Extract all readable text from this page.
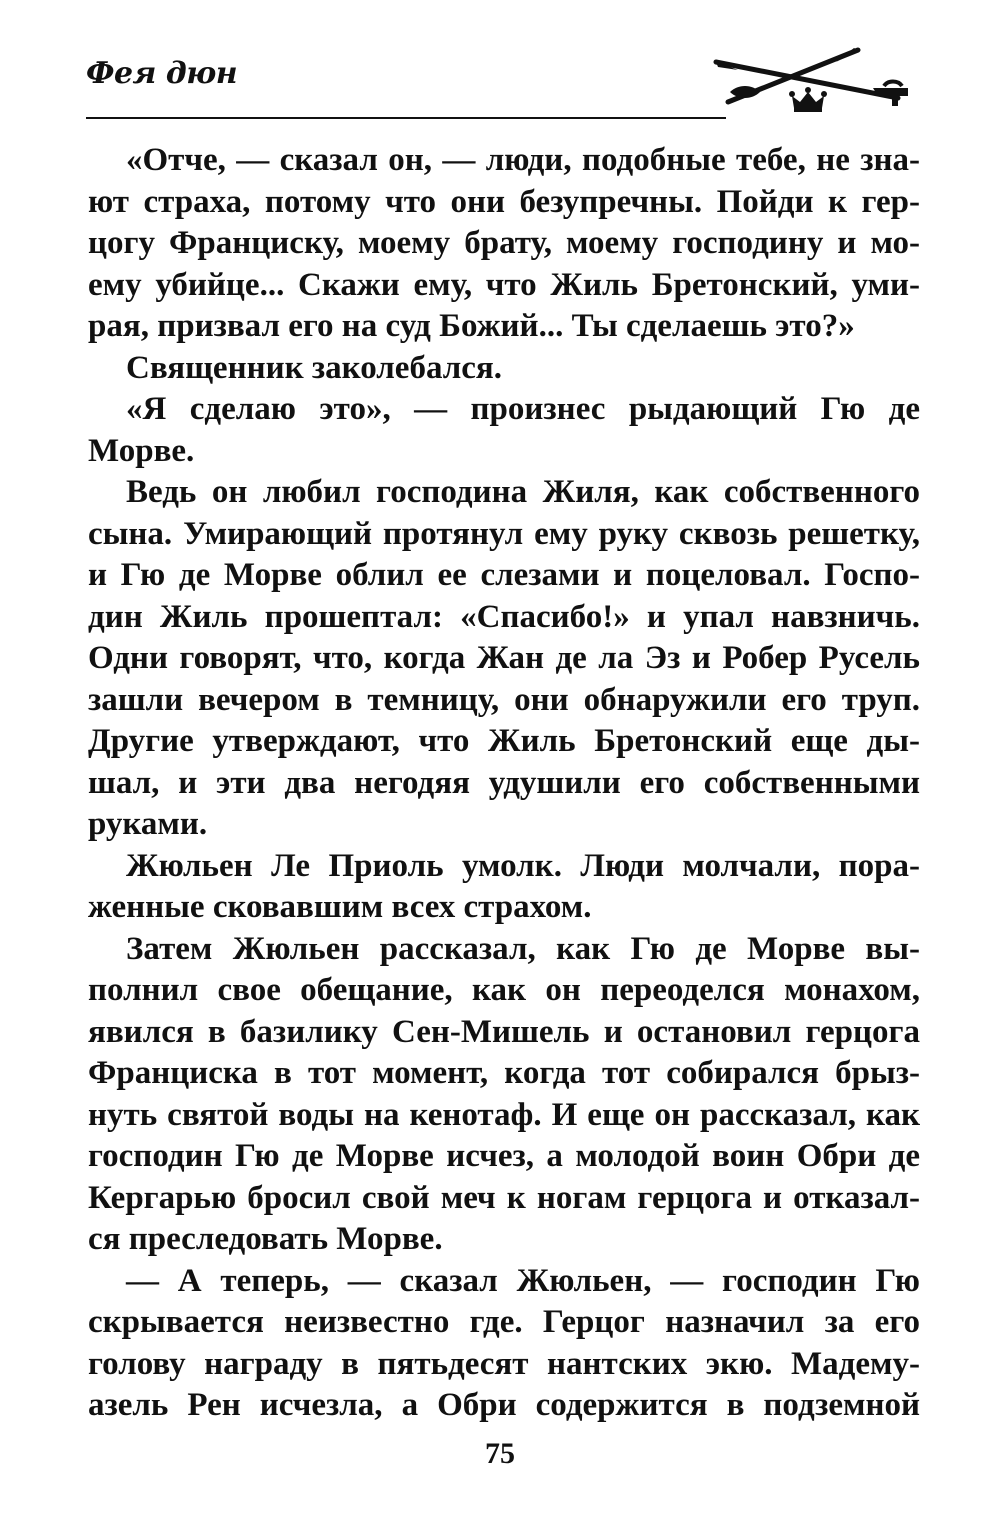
Фея дюн
«Отче, — сказал он, — люди, подобные тебе, не зна-
ют страха, потому что они безупречны. Пойди к гер-
цогу Франциску, моему брату, моему господину и мо-
ему убийце... Скажи ему, что Жиль Бретонский, уми-
рая, призвал его на суд Божий... Ты сделаешь это?»
Священник заколебался.
«Я сделаю это», — произнес рыдающий Гю де
Морве.
Ведь он любил господина Жиля, как собственного
сына. Умирающий протянул ему руку сквозь решетку,
и Гю де Морве облил ее слезами и поцеловал. Госпо-
дин Жиль прошептал: «Спасибо!» и упал навзничь.
Одни говорят, что, когда Жан де ла Эз и Робер Русель
зашли вечером в темницу, они обнаружили его труп.
Другие утверждают, что Жиль Бретонский еще ды-
шал, и эти два негодяя удушили его собственными
руками.
Жюльен Ле Приоль умолк. Люди молчали, пора-
женные сковавшим всех страхом.
Затем Жюльен рассказал, как Гю де Морве вы-
полнил свое обещание, как он переоделся монахом,
явился в базилику Сен-Мишель и остановил герцога
Франциска в тот момент, когда тот собирался брыз-
нуть святой воды на кенотаф. И еще он рассказал, как
господин Гю де Морве исчез, а молодой воин Обри де
Кергарью бросил свой меч к ногам герцога и отказал-
ся преследовать Морве.
— А теперь, — сказал Жюльен, — господин Гю
скрывается неизвестно где. Герцог назначил за его
голову награду в пятьдесят нантских экю. Мадему-
азель Рен исчезла, а Обри содержится в подземной
75
